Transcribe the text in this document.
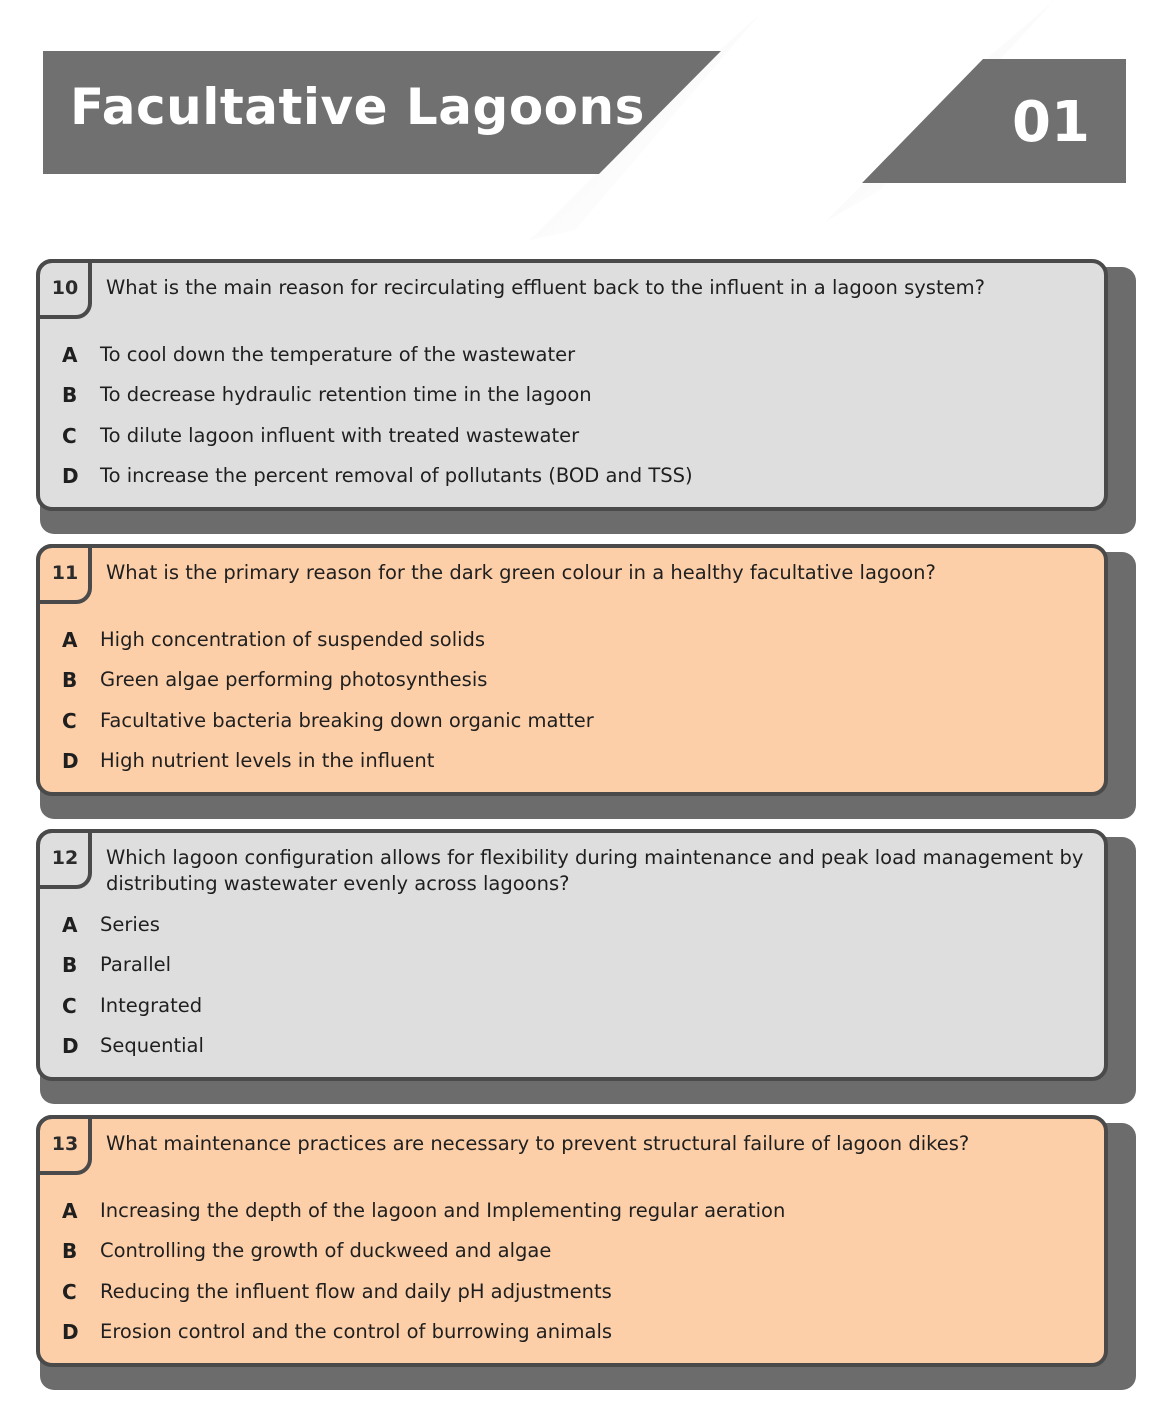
Facultative Lagoons	01
10	What is the main reason for recirculating effluent back to the influent in a lagoon system?
A	To cool down the temperature of the wastewater
B	To decrease hydraulic retention time in the lagoon
C	To dilute lagoon influent with treated wastewater
D	To increase the percent removal of pollutants (BOD and TSS)
11	What is the primary reason for the dark green colour in a healthy facultative lagoon?
A	High concentration of suspended solids
B	Green algae performing photosynthesis
C	Facultative bacteria breaking down organic matter
D	High nutrient levels in the influent
12	Which lagoon configuration allows for flexibility during maintenance and peak load management by distributing wastewater evenly across lagoons?
A	Series
B	Parallel
C	Integrated
D	Sequential
13	What maintenance practices are necessary to prevent structural failure of lagoon dikes?
A	Increasing the depth of the lagoon and Implementing regular aeration
B	Controlling the growth of duckweed and algae
C	Reducing the influent flow and daily pH adjustments
D	Erosion control and the control of burrowing animals
